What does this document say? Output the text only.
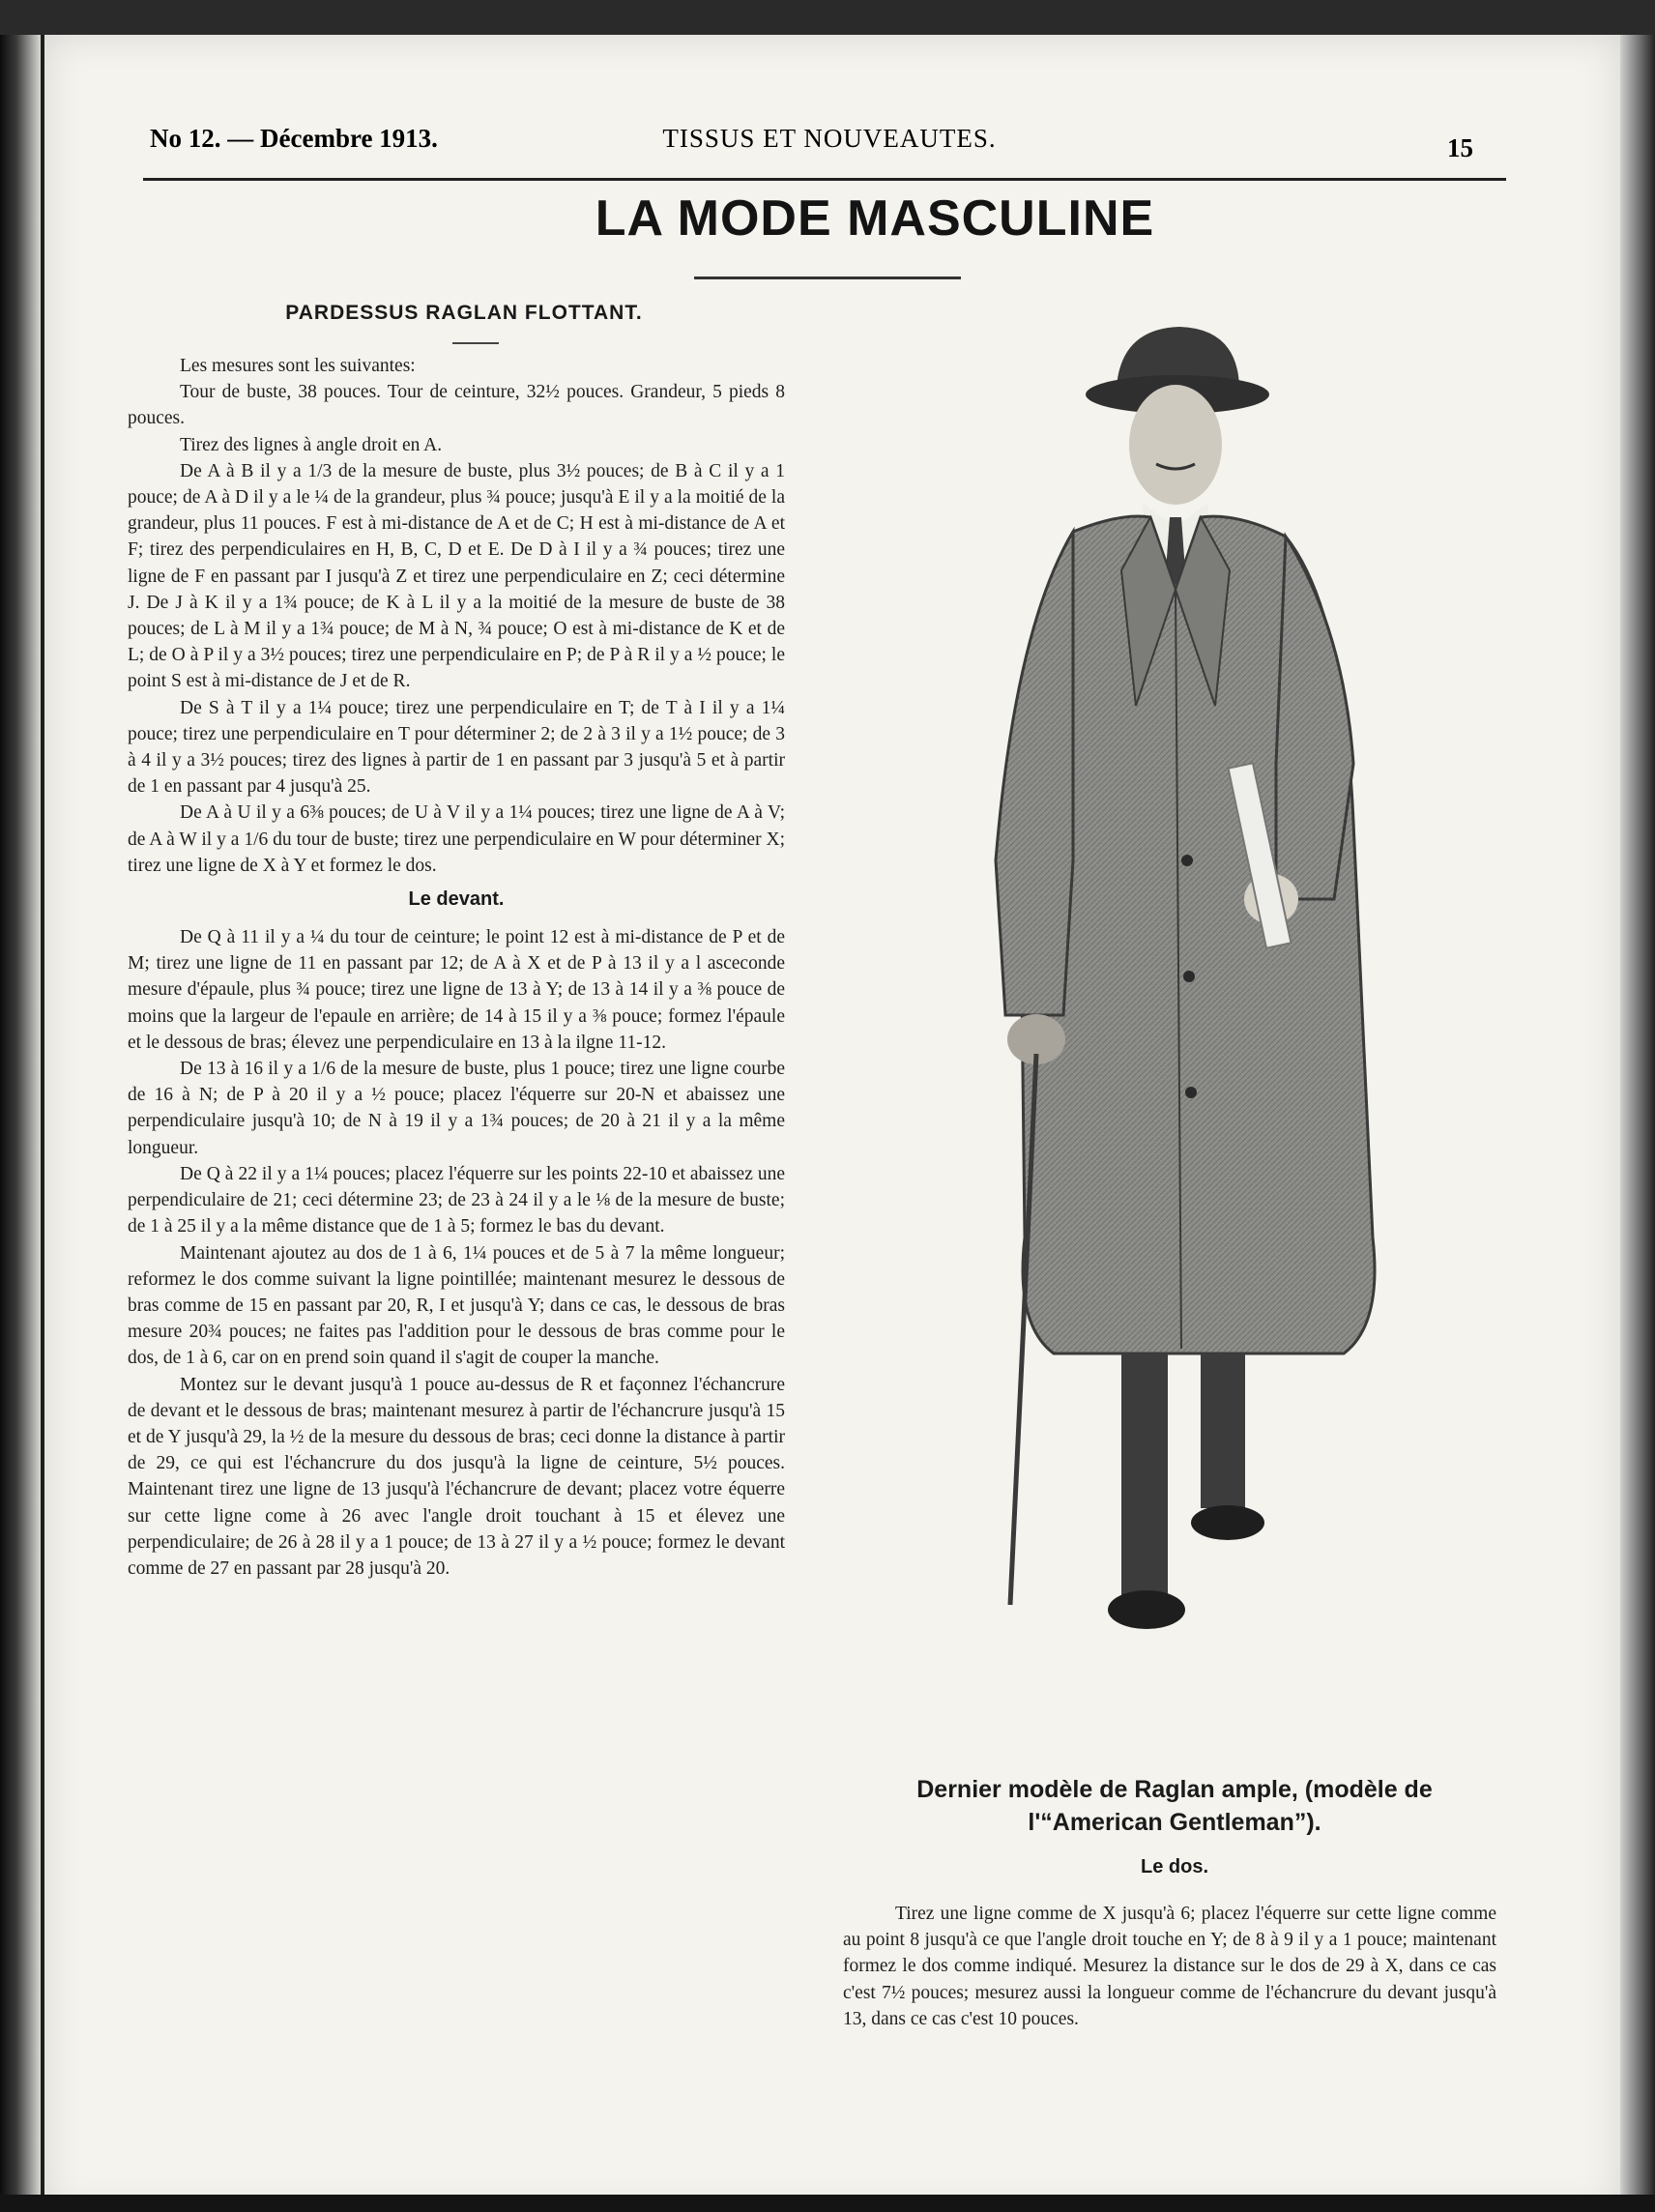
No 12. — Décembre 1913.	TISSUS ET NOUVEAUTES.	15
LA MODE MASCULINE
PARDESSUS RAGLAN FLOTTANT.

Les mesures sont les suivantes:

Tour de buste, 38 pouces. Tour de ceinture, 32½ pouces. Grandeur, 5 pieds 8 pouces.

Tirez des lignes à angle droit en A.

De A à B il y a 1/3 de la mesure de buste, plus 3½ pouces; de B à C il y a 1 pouce; de A à D il y a le ¼ de la grandeur, plus ¾ pouce; jusqu'à E il y a la moitié de la grandeur, plus 11 pouces. F est à mi-distance de A et de C; H est à mi-distance de A et F; tirez des perpendiculaires en H, B, C, D et E. De D à I il y a ¾ pouces; tirez une ligne de F en passant par I jusqu'à Z et tirez une perpendiculaire en Z; ceci détermine J. De J à K il y a 1¾ pouce; de K à L il y a la moitié de la mesure de buste de 38 pouces; de L à M il y a 1¾ pouce; de M à N, ¾ pouce; O est à mi-distance de K et de L; de O à P il y a 3½ pouces; tirez une perpendiculaire en P; de P à R il y a ½ pouce; le point S est à mi-distance de J et de R.

De S à T il y a 1¼ pouce; tirez une perpendiculaire en T; de T à I il y a 1¼ pouce; tirez une perpendiculaire en T pour déterminer 2; de 2 à 3 il y a 1½ pouce; de 3 à 4 il y a 3½ pouces; tirez des lignes à partir de 1 en passant par 3 jusqu'à 5 et à partir de 1 en passant par 4 jusqu'à 25.

De A à U il y a 6⅜ pouces; de U à V il y a 1¼ pouces; tirez une ligne de A à V; de A à W il y a 1/6 du tour de buste; tirez une perpendiculaire en W pour déterminer X; tirez une ligne de X à Y et formez le dos.

Le devant.

De Q à 11 il y a ¼ du tour de ceinture; le point 12 est à mi-distance de P et de M; tirez une ligne de 11 en passant par 12; de A à X et de P à 13 il y a l asceconde mesure d'épaule, plus ¾ pouce; tirez une ligne de 13 à Y; de 13 à 14 il y a ⅜ pouce de moins que la largeur de l'epaule en arrière; de 14 à 15 il y a ⅜ pouce; formez l'épaule et le dessous de bras; élevez une perpendiculaire en 13 à la ilgne 11-12.

De 13 à 16 il y a 1/6 de la mesure de buste, plus 1 pouce; tirez une ligne courbe de 16 à N; de P à 20 il y a ½ pouce; placez l'équerre sur 20-N et abaissez une perpendiculaire jusqu'à 10; de N à 19 il y a 1¾ pouces; de 20 à 21 il y a la même longueur.

De Q à 22 il y a 1¼ pouces; placez l'équerre sur les points 22-10 et abaissez une perpendiculaire de 21; ceci détermine 23; de 23 à 24 il y a le ⅛ de la mesure de buste; de 1 à 25 il y a la même distance que de 1 à 5; formez le bas du devant.

Maintenant ajoutez au dos de 1 à 6, 1¼ pouces et de 5 à 7 la même longueur; reformez le dos comme suivant la ligne pointillée; maintenant mesurez le dessous de bras comme de 15 en passant par 20, R, I et jusqu'à Y; dans ce cas, le dessous de bras mesure 20¾ pouces; ne faites pas l'addition pour le dessous de bras comme pour le dos, de 1 à 6, car on en prend soin quand il s'agit de couper la manche.

Montez sur le devant jusqu'à 1 pouce au-dessus de R et façonnez l'échancrure de devant et le dessous de bras; maintenant mesurez à partir de l'échancrure jusqu'à 15 et de Y jusqu'à 29, la ½ de la mesure du dessous de bras; ceci donne la distance à partir de 29, ce qui est l'échancrure du dos jusqu'à la ligne de ceinture, 5½ pouces. Maintenant tirez une ligne de 13 jusqu'à l'échancrure de devant; placez votre équerre sur cette ligne come à 26 avec l'angle droit touchant à 15 et élevez une perpendiculaire; de 26 à 28 il y a 1 pouce; de 13 à 27 il y a ½ pouce; formez le devant comme de 27 en passant par 28 jusqu'à 20.

Dernier modèle de Raglan ample, (modèle de
l'“American Gentleman”).
Le dos.

Tirez une ligne comme de X jusqu'à 6; placez l'équerre sur cette ligne comme au point 8 jusqu'à ce que l'angle droit touche en Y; de 8 à 9 il y a 1 pouce; maintenant formez le dos comme indiqué. Mesurez la distance sur le dos de 29 à X, dans ce cas c'est 7½ pouces; mesurez aussi la longueur comme de l'échancrure du devant jusqu'à 13, dans ce cas c'est 10 pouces.
